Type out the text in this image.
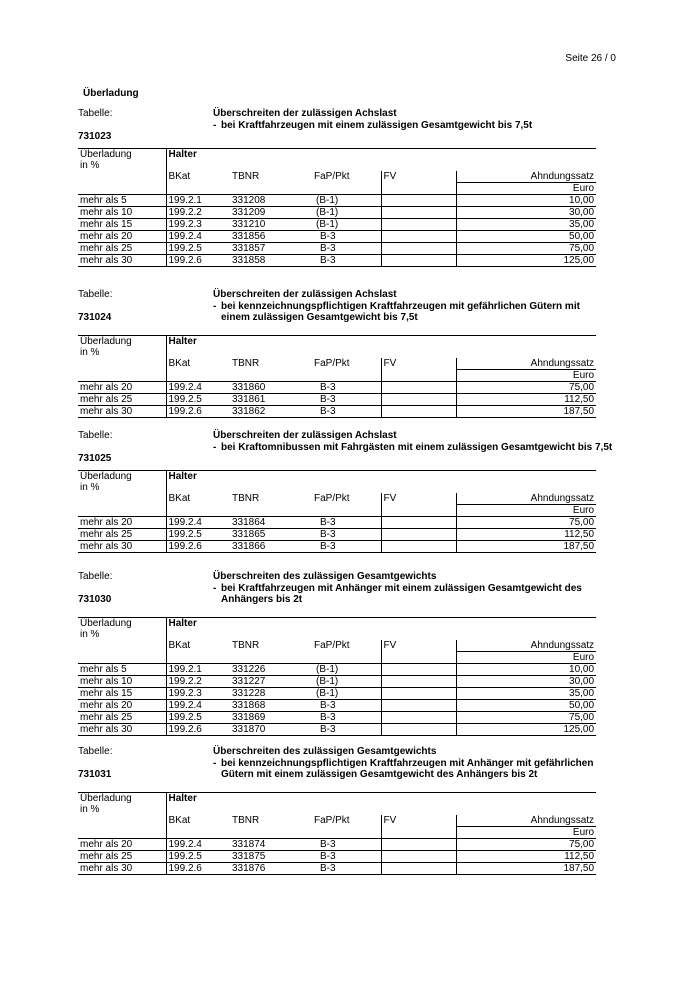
Seite 26 / 0
Überladung
Tabelle:
731023
Überschreiten der zulässigen Achslast
- bei Kraftfahrzeugen mit einem zulässigen Gesamtgewicht bis 7,5t
Überladung
in %	Halter				
	BKat	TBNR	FaP/Pkt	FV	Ahndungssatz
					Euro
mehr als 5	199.2.1	331208	(B-1)		10,00
mehr als 10	199.2.2	331209	(B-1)		30,00
mehr als 15	199.2.3	331210	(B-1)		35,00
mehr als 20	199.2.4	331856	B-3		50,00
mehr als 25	199.2.5	331857	B-3		75,00
mehr als 30	199.2.6	331858	B-3		125,00
Tabelle:
731024
Überschreiten der zulässigen Achslast
- bei kennzeichnungspflichtigen Kraftfahrzeugen mit gefährlichen Gütern mit
einem zulässigen Gesamtgewicht bis 7,5t
Überladung
in %	Halter				
	BKat	TBNR	FaP/Pkt	FV	Ahndungssatz
					Euro
mehr als 20	199.2.4	331860	B-3		75,00
mehr als 25	199.2.5	331861	B-3		112,50
mehr als 30	199.2.6	331862	B-3		187,50
Tabelle:
731025
Überschreiten der zulässigen Achslast
- bei Kraftomnibussen mit Fahrgästen mit einem zulässigen Gesamtgewicht bis 7,5t
Überladung
in %	Halter				
	BKat	TBNR	FaP/Pkt	FV	Ahndungssatz
					Euro
mehr als 20	199.2.4	331864	B-3		75,00
mehr als 25	199.2.5	331865	B-3		112,50
mehr als 30	199.2.6	331866	B-3		187,50
Tabelle:
731030
Überschreiten des zulässigen Gesamtgewichts
- bei Kraftfahrzeugen mit Anhänger mit einem zulässigen Gesamtgewicht des
Anhängers bis 2t
Überladung
in %	Halter				
	BKat	TBNR	FaP/Pkt	FV	Ahndungssatz
					Euro
mehr als 5	199.2.1	331226	(B-1)		10,00
mehr als 10	199.2.2	331227	(B-1)		30,00
mehr als 15	199.2.3	331228	(B-1)		35,00
mehr als 20	199.2.4	331868	B-3		50,00
mehr als 25	199.2.5	331869	B-3		75,00
mehr als 30	199.2.6	331870	B-3		125,00
Tabelle:
731031
Überschreiten des zulässigen Gesamtgewichts
- bei kennzeichnungspflichtigen Kraftfahrzeugen mit Anhänger mit gefährlichen
Gütern mit einem zulässigen Gesamtgewicht des Anhängers bis 2t
Überladung
in %	Halter				
	BKat	TBNR	FaP/Pkt	FV	Ahndungssatz
					Euro
mehr als 20	199.2.4	331874	B-3		75,00
mehr als 25	199.2.5	331875	B-3		112,50
mehr als 30	199.2.6	331876	B-3		187,50
